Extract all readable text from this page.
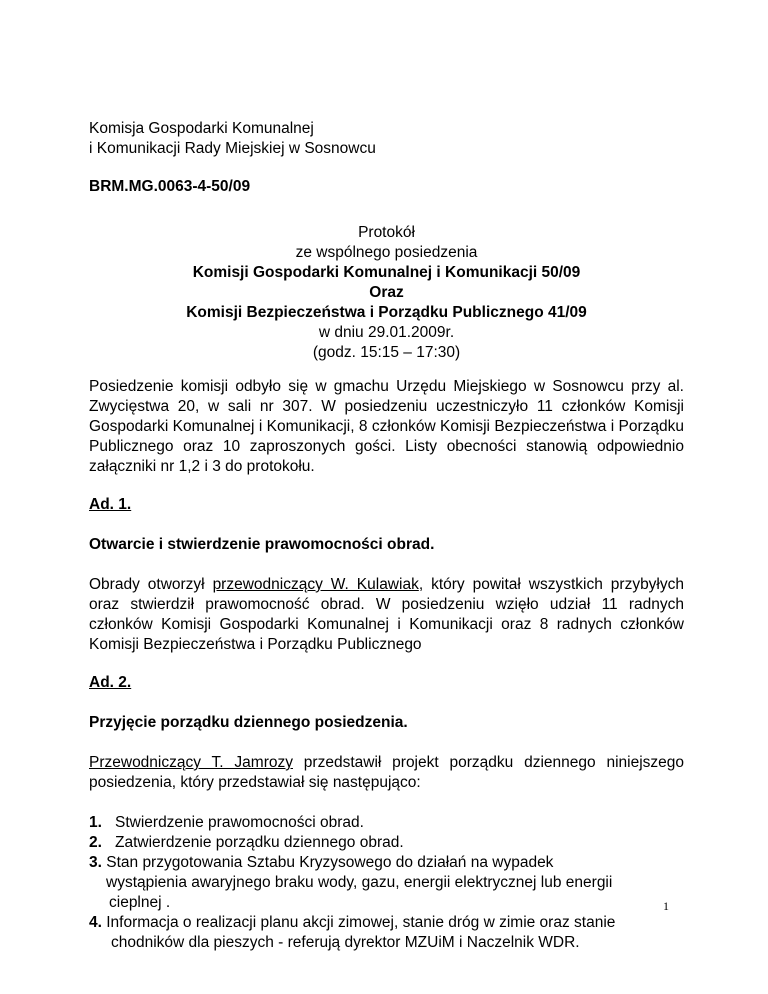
Komisja Gospodarki Komunalnej

i Komunikacji Rady Miejskiej w Sosnowcu

BRM.MG.0063-4-50/09

Protokół

ze wspólnego posiedzenia

Komisji Gospodarki Komunalnej i Komunikacji 50/09

Oraz

Komisji Bezpieczeństwa i Porządku Publicznego 41/09

w dniu 29.01.2009r.

(godz. 15:15 – 17:30)

Posiedzenie komisji odbyło się w gmachu Urzędu Miejskiego w Sosnowcu przy al. Zwycięstwa 20, w sali nr 307. W posiedzeniu uczestniczyło 11 członków Komisji Gospodarki Komunalnej i Komunikacji, 8 członków Komisji Bezpieczeństwa i Porządku Publicznego oraz 10 zaproszonych gości. Listy obecności stanowią odpowiednio załączniki nr 1,2 i 3 do protokołu.

Ad. 1.

Otwarcie i stwierdzenie prawomocności obrad.

Obrady otworzył przewodniczący W. Kulawiak, który powitał wszystkich przybyłych oraz stwierdził prawomocność obrad. W posiedzeniu wzięło udział 11 radnych członków Komisji Gospodarki Komunalnej i Komunikacji oraz 8 radnych członków Komisji Bezpieczeństwa i Porządku Publicznego

Ad. 2.

Przyjęcie porządku dziennego posiedzenia.

Przewodniczący T. Jamrozy przedstawił projekt porządku dziennego niniejszego posiedzenia, który przedstawiał się następująco:

1. Stwierdzenie prawomocności obrad.
2. Zatwierdzenie porządku dziennego obrad.
3. Stan przygotowania Sztabu Kryzysowego do działań na wypadek
wystąpienia awaryjnego braku wody, gazu, energii elektrycznej lub energii
cieplnej .
4. Informacja o realizacji planu akcji zimowej, stanie dróg w zimie oraz stanie
chodników dla pieszych - referują dyrektor MZUiM i Naczelnik WDR.
1
